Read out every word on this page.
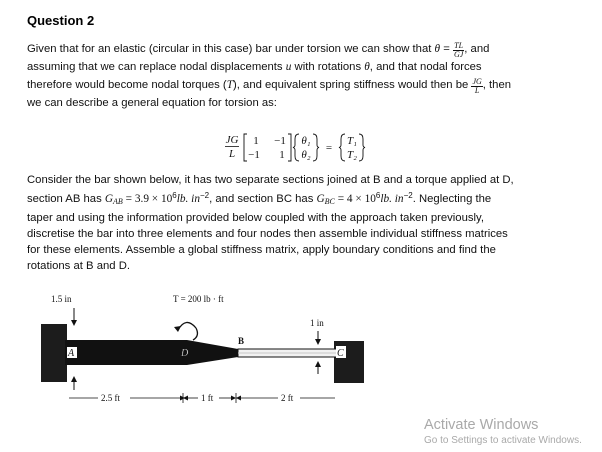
Question 2
Given that for an elastic (circular in this case) bar under torsion we can show that $\theta = \frac{TL}{GJ}$ , and
assuming that we can replace nodal displacements u with rotations θ, and that nodal forces
therefore would become nodal torques (T), and equivalent spring stiffness would then be $\frac{JG}{L}$ , then
we can describe a general equation for torsion as:
JG
L
1 −1
−1 1
θ₁
θ₂
=
T₁
T₂
Consider the bar shown below, it has two separate sections joined at B and a torque applied at D,
section AB has $G_{AB} = 3.9 \times 10^6lb$. $in^{-2}$, and section BC has $G_{BC} = 4 \times 10^6lb$. $in^{-2}$. Neglecting the
taper and using the information provided below coupled with the approach taken previously,
discretise the bar into three elements and four nodes then assemble individual stiffness matrices
for these elements. Assemble a global stiffness matrix, apply boundary conditions and find the
rotations at B and D.
1.5 in	T = 200 lb · ft
1 in
A	D
B
C
2.5 ft	1 ft	2 ft
Activate Windows
Go to Settings to activate Windows.
